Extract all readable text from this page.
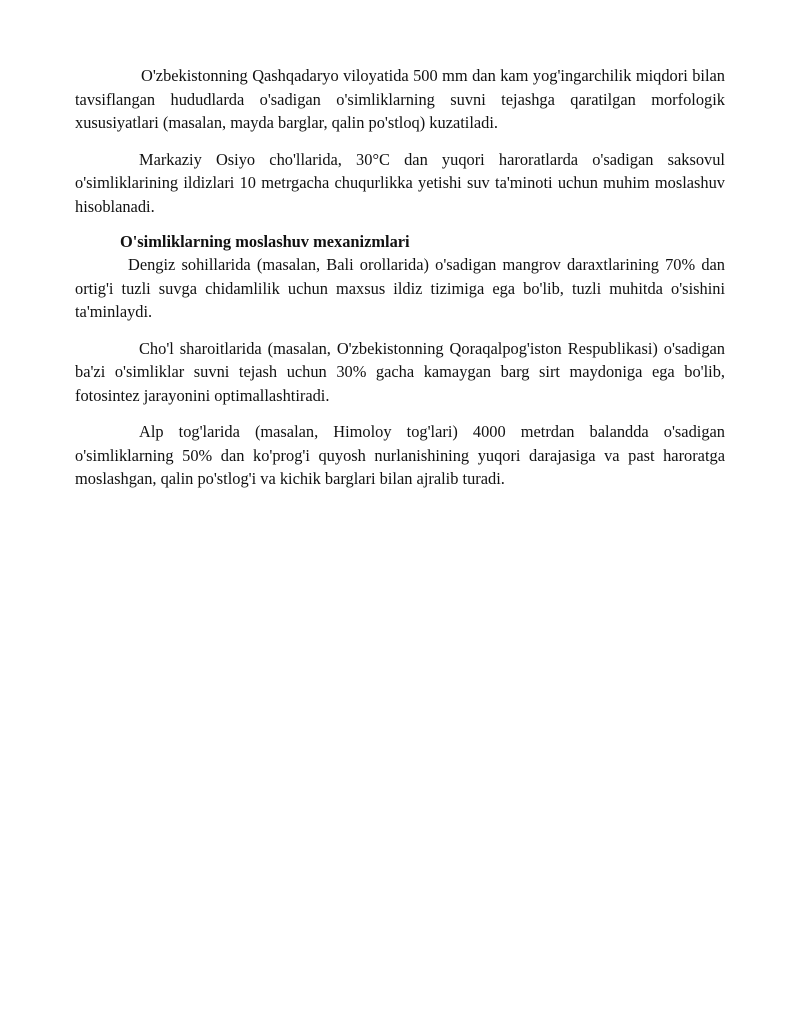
O'zbekistonning Qashqadaryo viloyatida 500 mm dan kam yog'ingarchilik miqdori bilan tavsiflangan hududlarda o'sadigan o'simliklarning suvni tejashga qaratilgan morfologik xususiyatlari (masalan, mayda barglar, qalin po'stloq) kuzatiladi.

Markaziy Osiyo cho'llarida, 30°C dan yuqori haroratlarda o'sadigan saksovul o'simliklarining ildizlari 10 metrgacha chuqurlikka yetishi suv ta'minoti uchun muhim moslashuv hisoblanadi.

O'simliklarning moslashuv mexanizmlari

Dengiz sohillarida (masalan, Bali orollarida) o'sadigan mangrov daraxtlarining 70% dan ortig'i tuzli suvga chidamlilik uchun maxsus ildiz tizimiga ega bo'lib, tuzli muhitda o'sishini ta'minlaydi.

Cho'l sharoitlarida (masalan, O'zbekistonning Qoraqalpog'iston Respublikasi) o'sadigan ba'zi o'simliklar suvni tejash uchun 30% gacha kamaygan barg sirt maydoniga ega bo'lib, fotosintez jarayonini optimallashtiradi.

Alp tog'larida (masalan, Himoloy tog'lari) 4000 metrdan balandda o'sadigan o'simliklarning 50% dan ko'prog'i quyosh nurlanishining yuqori darajasiga va past haroratga moslashgan, qalin po'stlog'i va kichik barglari bilan ajralib turadi.
